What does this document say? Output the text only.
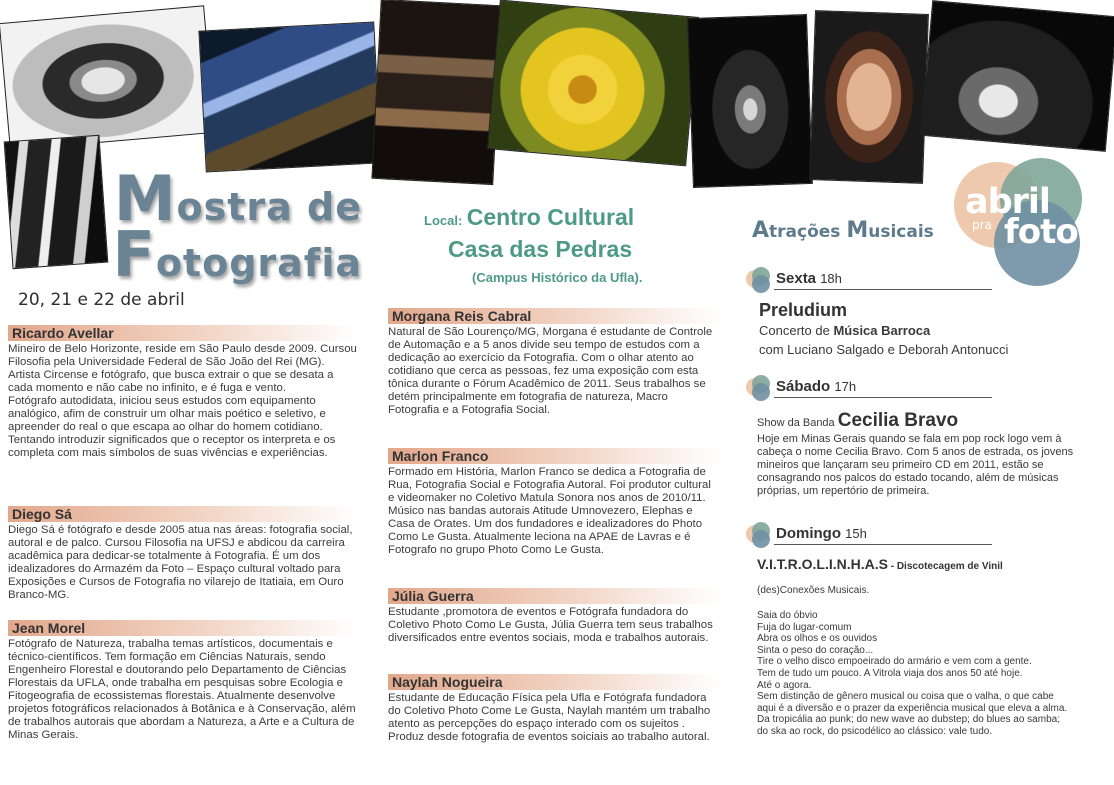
Mostra de
Fotografia
20, 21 e 22 de abril
Ricardo Avellar
Mineiro de Belo Horizonte, reside em São Paulo desde 2009. Cursou Filosofia pela Universidade Federal de São João del Rei (MG). Artista Circense e fotógrafo, que busca extrair o que se desata a cada momento e não cabe no infinito, e é fuga e vento.
Fotógrafo autodidata, iniciou seus estudos com equipamento analógico, afim de construir um olhar mais poético e seletivo, e apreender do real o que escapa ao olhar do homem cotidiano. Tentando introduzir significados que o receptor os interpreta e os completa com mais símbolos de suas vivências e experiências.
Diego Sá
Diego Sá é fotógrafo e desde 2005 atua nas áreas: fotografia social, autoral e de palco. Cursou Filosofia na UFSJ e abdicou da carreira acadêmica para dedicar-se totalmente à Fotografia. É um dos idealizadores do Armazém da Foto – Espaço cultural voltado para Exposições e Cursos de Fotografia no vilarejo de Itatiaia, em Ouro Branco-MG.
Jean Morel
Fotógrafo de Natureza, trabalha temas artísticos, documentais e técnico-científicos. Tem formação em Ciências Naturais, sendo Engenheiro Florestal e doutorando pelo Departamento de Ciências Florestais da UFLA, onde trabalha em pesquisas sobre Ecologia e Fitogeografia de ecossistemas florestais. Atualmente desenvolve projetos fotográficos relacionados à Botânica e à Conservação, além de trabalhos autorais que abordam a Natureza, a Arte e a Cultura de Minas Gerais.
Local: Centro Cultural
Casa das Pedras
(Campus Histórico da Ufla).
Morgana Reis Cabral
Natural de São Lourenço/MG, Morgana é estudante de Controle de Automação e a 5 anos divide seu tempo de estudos com a dedicação ao exercício da Fotografia. Com o olhar atento ao cotidiano que cerca as pessoas, fez uma exposição com esta tônica durante o Fórum Acadêmico de 2011. Seus trabalhos se detém principalmente em fotografia de natureza, Macro Fotografia e a Fotografia Social.
Marlon Franco
Formado em História, Marlon Franco se dedica a Fotografia de Rua, Fotografia Social e Fotografia Autoral. Foi produtor cultural e videomaker no Coletivo Matula Sonora nos anos de 2010/11. Músico nas bandas autorais Atitude Umnovezero, Elephas e Casa de Orates. Um dos fundadores e idealizadores do Photo Como Le Gusta. Atualmente leciona na APAE de Lavras e é Fotografo no grupo Photo Como Le Gusta.
Júlia Guerra
Estudante ,promotora de eventos e Fotógrafa fundadora do Coletivo Photo Como Le Gusta, Júlia Guerra tem seus trabalhos diversificados entre eventos sociais, moda e trabalhos autorais.
Naylah Nogueira
Estudante de Educação Física pela Ufla e Fotógrafa fundadora do Coletivo Photo Come Le Gusta, Naylah mantém um trabalho atento as percepções do espaço interado com os sujeitos . Produz desde fotografia de eventos soiciais ao trabalho autoral.
abril
pra foto
Atrações Musicais
Sexta 18h
Preludium
Concerto de Música Barroca
com Luciano Salgado e Deborah Antonucci
Sábado 17h
Show da Banda Cecilia Bravo
Hoje em Minas Gerais quando se fala em pop rock logo vem à cabeça o nome Cecilia Bravo. Com 5 anos de estrada, os jovens mineiros que lançaram seu primeiro CD em 2011, estão se consagrando nos palcos do estado tocando, além de músicas próprias, um repertório de primeira.
Domingo 15h
V.I.T.R.O.L.I.N.H.A.S - Discotecagem de Vinil
(des)Conexões Musicais.
Saia do óbvio
Fuja do lugar-comum
Abra os olhos e os ouvidos
Sinta o peso do coração...
Tire o velho disco empoeirado do armário e vem com a gente.
Tem de tudo um pouco. A Vitrola viaja dos anos 50 até hoje.
Até o agora.
Sem distinção de gênero musical ou coisa que o valha, o que cabe
aqui é a diversão e o prazer da experiência musical que eleva a alma.
Da tropicália ao punk; do new wave ao dubstep; do blues ao samba;
do ska ao rock, do psicodélico ao clássico: vale tudo.
